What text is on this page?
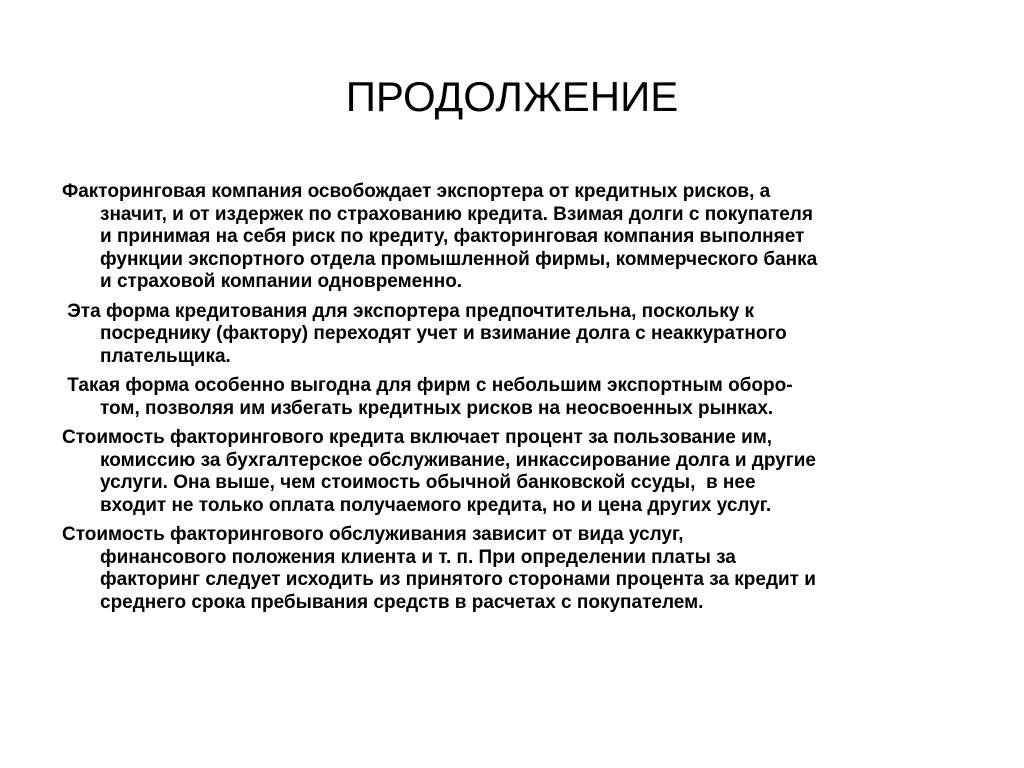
ПРОДОЛЖЕНИЕ
Факторинговая компания освобождает экспортера от кредитных рисков, а
значит, и от издержек по страхованию кредита. Взимая долги с покупателя
и принимая на себя риск по кредиту, факторинговая компания выполняет
функции экспортного отдела промышленной фирмы, коммерческого банка
и страховой компании одновременно.
Эта форма кредитования для экспортера предпочтительна, поскольку к
посреднику (фактору) переходят учет и взимание долга с неаккуратного
плательщика.
Такая форма особенно выгодна для фирм с небольшим экспортным оборо-
том, позволяя им избегать кредитных рисков на неосвоенных рынках.
Стоимость факторингового кредита включает процент за пользование им,
комиссию за бухгалтерское обслуживание, инкассирование долга и другие
услуги. Она выше, чем стоимость обычной банковской ссуды,  в нее
входит не только оплата получаемого кредита, но и цена других услуг.
Стоимость факторингового обслуживания зависит от вида услуг,
финансового положения клиента и т. п. При определении платы за
факторинг следует исходить из принятого сторонами процента за кредит и
среднего срока пребывания средств в расчетах с покупателем.
